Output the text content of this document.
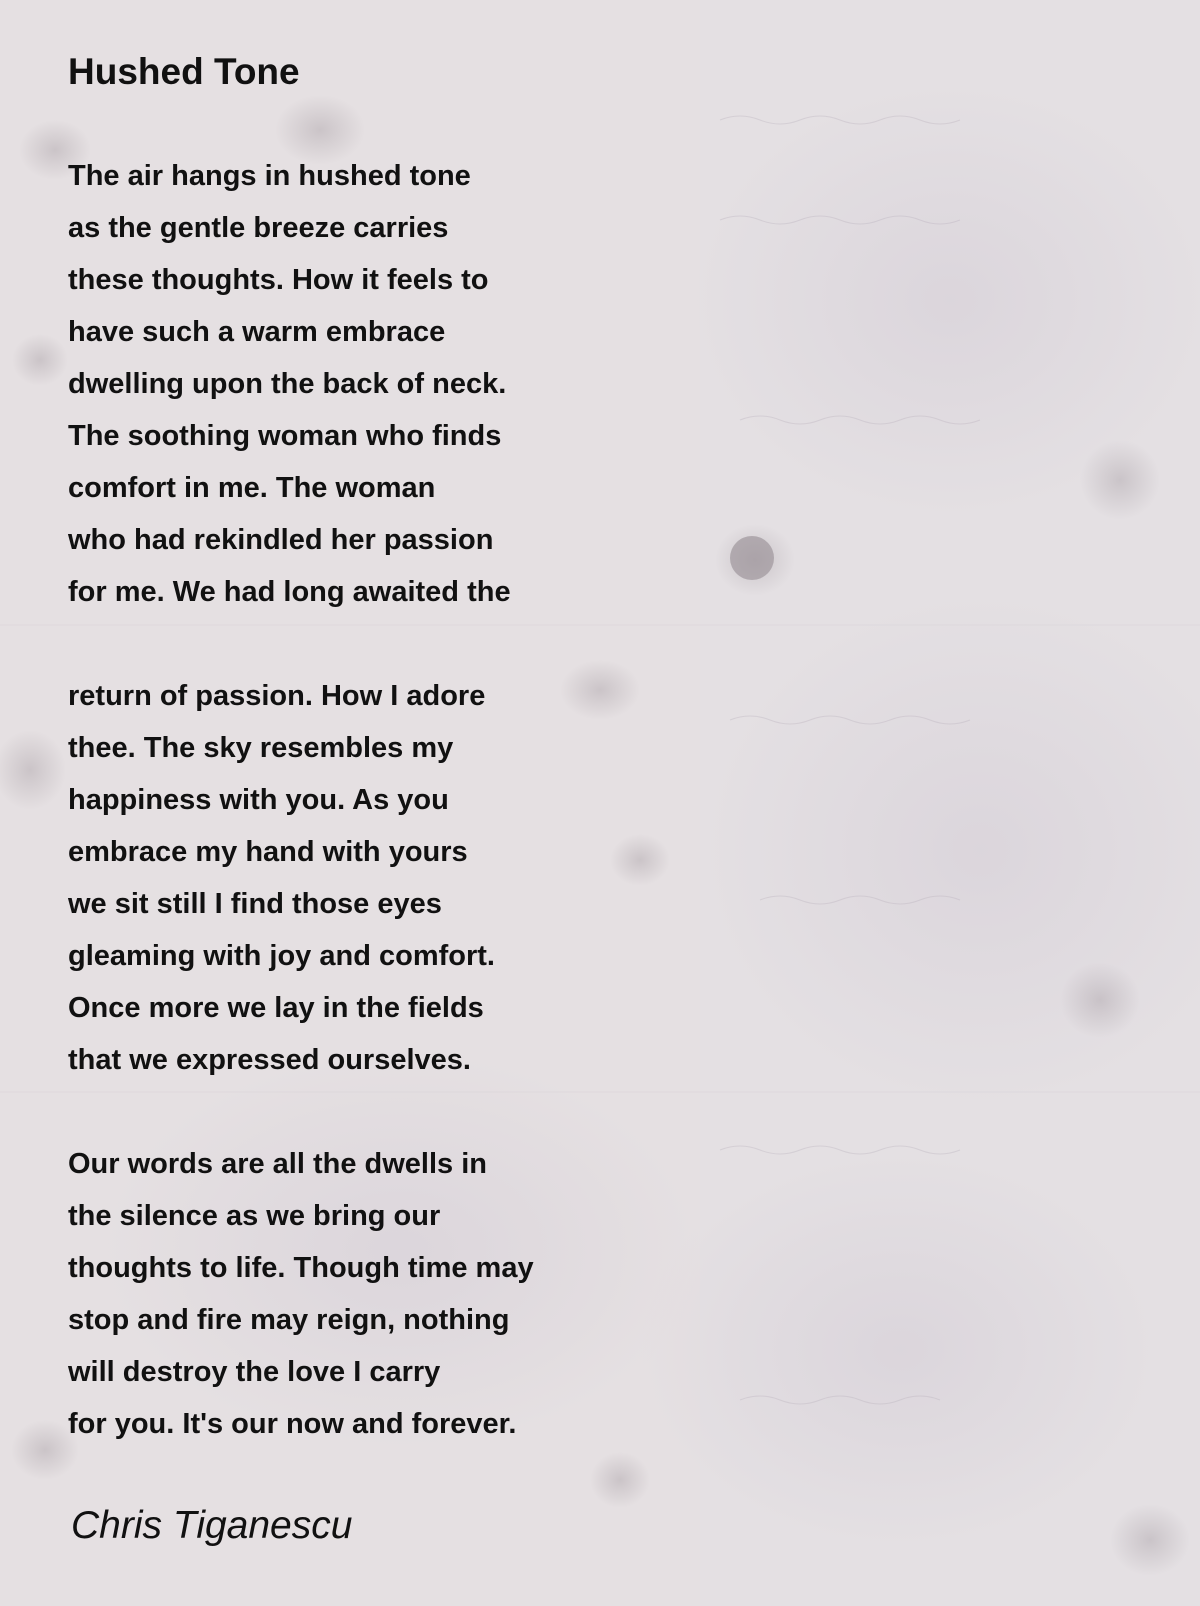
Hushed Tone
The air hangs in hushed tone
as the gentle breeze carries
these thoughts. How it feels to
have such a warm embrace
dwelling upon the back of neck.
The soothing woman who finds
comfort in me. The woman
who had rekindled her passion
for me. We had long awaited the
return of passion. How I adore
thee. The sky resembles my
happiness with you. As you
embrace my hand with yours
we sit still I find those eyes
gleaming with joy and comfort.
Once more we lay in the fields
that we expressed ourselves.
Our words are all the dwells in
the silence as we bring our
thoughts to life. Though time may
stop and fire may reign, nothing
will destroy the love I carry
for you. It's our now and forever.

Chris Tiganescu
